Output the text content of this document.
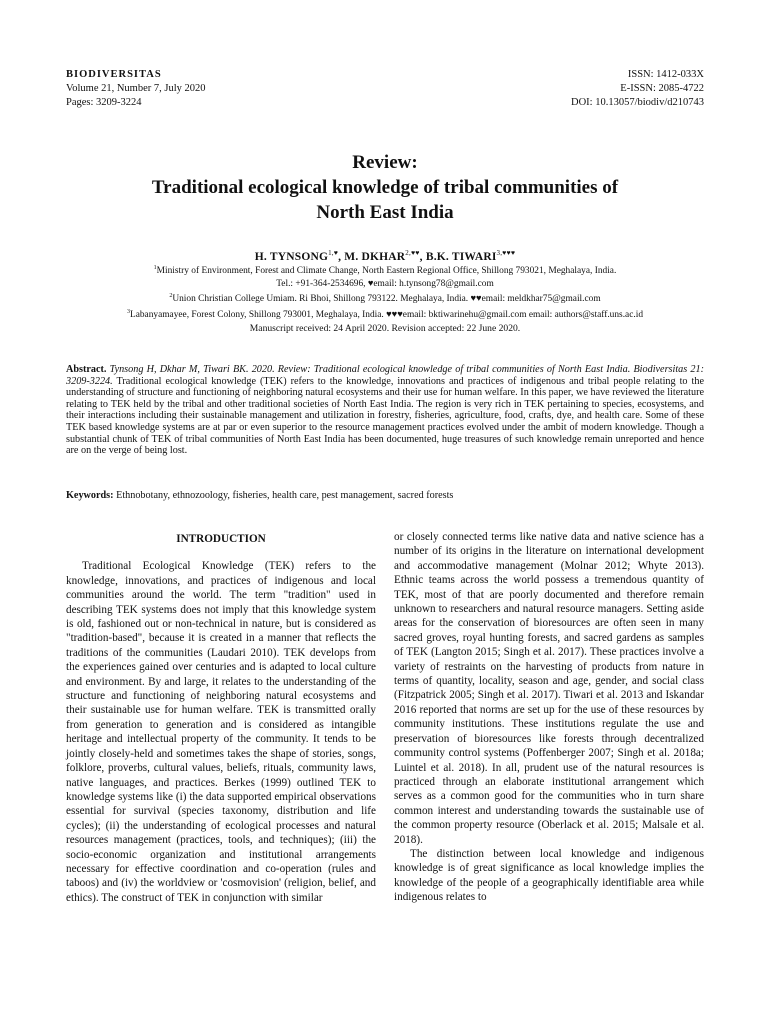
BIODIVERSITAS
Volume 21, Number 7, July 2020
Pages: 3209-3224
ISSN: 1412-033X
E-ISSN: 2085-4722
DOI: 10.13057/biodiv/d210743
Review:
Traditional ecological knowledge of tribal communities of
North East India
H. $TYNSONG^{1,♥}$, M. $DKHAR^{2,♥♥}$, B.K. $TIWARI^{3,♥♥♥}$
$^1$Ministry of Environment, Forest and Climate Change, North Eastern Regional Office, Shillong 793021, Meghalaya, India.
Tel.: +91-364-2534696, ♥email: h.tynsong78@gmail.com
$^2$Union Christian College Umiam. Ri Bhoi, Shillong 793122. Meghalaya, India. ♥♥email: meldkhar75@gmail.com
$^3$Labanyamayee, Forest Colony, Shillong 793001, Meghalaya, India. ♥♥♥email: bktiwarinehu@gmail.com email: authors@staff.uns.ac.id
Manuscript received: 24 April 2020. Revision accepted: 22 June 2020.
Abstract. Tynsong H, Dkhar M, Tiwari BK. 2020. Review: Traditional ecological knowledge of tribal communities of North East India. Biodiversitas 21: 3209-3224. Traditional ecological knowledge (TEK) refers to the knowledge, innovations and practices of indigenous and tribal people relating to the understanding of structure and functioning of neighboring natural ecosystems and their use for human welfare. In this paper, we have reviewed the literature relating to TEK held by the tribal and other traditional societies of North East India. The region is very rich in TEK pertaining to species, ecosystems, and their interactions including their sustainable management and utilization in forestry, fisheries, agriculture, food, crafts, dye, and health care. Some of these TEK based knowledge systems are at par or even superior to the resource management practices evolved under the ambit of modern knowledge. Though a substantial chunk of TEK of tribal communities of North East India has been documented, huge treasures of such knowledge remain unreported and hence are on the verge of being lost.
Keywords: Ethnobotany, ethnozoology, fisheries, health care, pest management, sacred forests
INTRODUCTION

Traditional Ecological Knowledge (TEK) refers to the knowledge, innovations, and practices of indigenous and local communities around the world. The term "tradition" used in describing TEK systems does not imply that this knowledge system is old, fashioned out or non-technical in nature, but is considered as "tradition-based", because it is created in a manner that reflects the traditions of the communities (Laudari 2010). TEK develops from the experiences gained over centuries and is adapted to local culture and environment. By and large, it relates to the understanding of the structure and functioning of neighboring natural ecosystems and their sustainable use for human welfare. TEK is transmitted orally from generation to generation and is considered as intangible heritage and intellectual property of the community. It tends to be jointly closely-held and sometimes takes the shape of stories, songs, folklore, proverbs, cultural values, beliefs, rituals, community laws, native languages, and practices. Berkes (1999) outlined TEK to knowledge systems like (i) the data supported empirical observations essential for survival (species taxonomy, distribution and life cycles); (ii) the understanding of ecological processes and natural resources management (practices, tools, and techniques); (iii) the socio-economic organization and institutional arrangements necessary for effective coordination and co-operation (rules and taboos) and (iv) the worldview or 'cosmovision' (religion, belief, and ethics). The construct of TEK in conjunction with similar

or closely connected terms like native data and native science has a number of its origins in the literature on international development and accommodative management (Molnar 2012; Whyte 2013). Ethnic teams across the world possess a tremendous quantity of TEK, most of that are poorly documented and therefore remain unknown to researchers and natural resource managers. Setting aside areas for the conservation of bioresources are often seen in many sacred groves, royal hunting forests, and sacred gardens as samples of TEK (Langton 2015; Singh et al. 2017). These practices involve a variety of restraints on the harvesting of products from nature in terms of quantity, locality, season and age, gender, and social class (Fitzpatrick 2005; Singh et al. 2017). Tiwari et al. 2013 and Iskandar 2016 reported that norms are set up for the use of these resources by community institutions. These institutions regulate the use and preservation of bioresources like forests through decentralized community control systems (Poffenberger 2007; Singh et al. 2018a; Luintel et al. 2018). In all, prudent use of the natural resources is practiced through an elaborate institutional arrangement which serves as a common good for the communities who in turn share common interest and understanding towards the sustainable use of the common property resource (Oberlack et al. 2015; Malsale et al. 2018).

The distinction between local knowledge and indigenous knowledge is of great significance as local knowledge implies the knowledge of the people of a geographically identifiable area while indigenous relates to
